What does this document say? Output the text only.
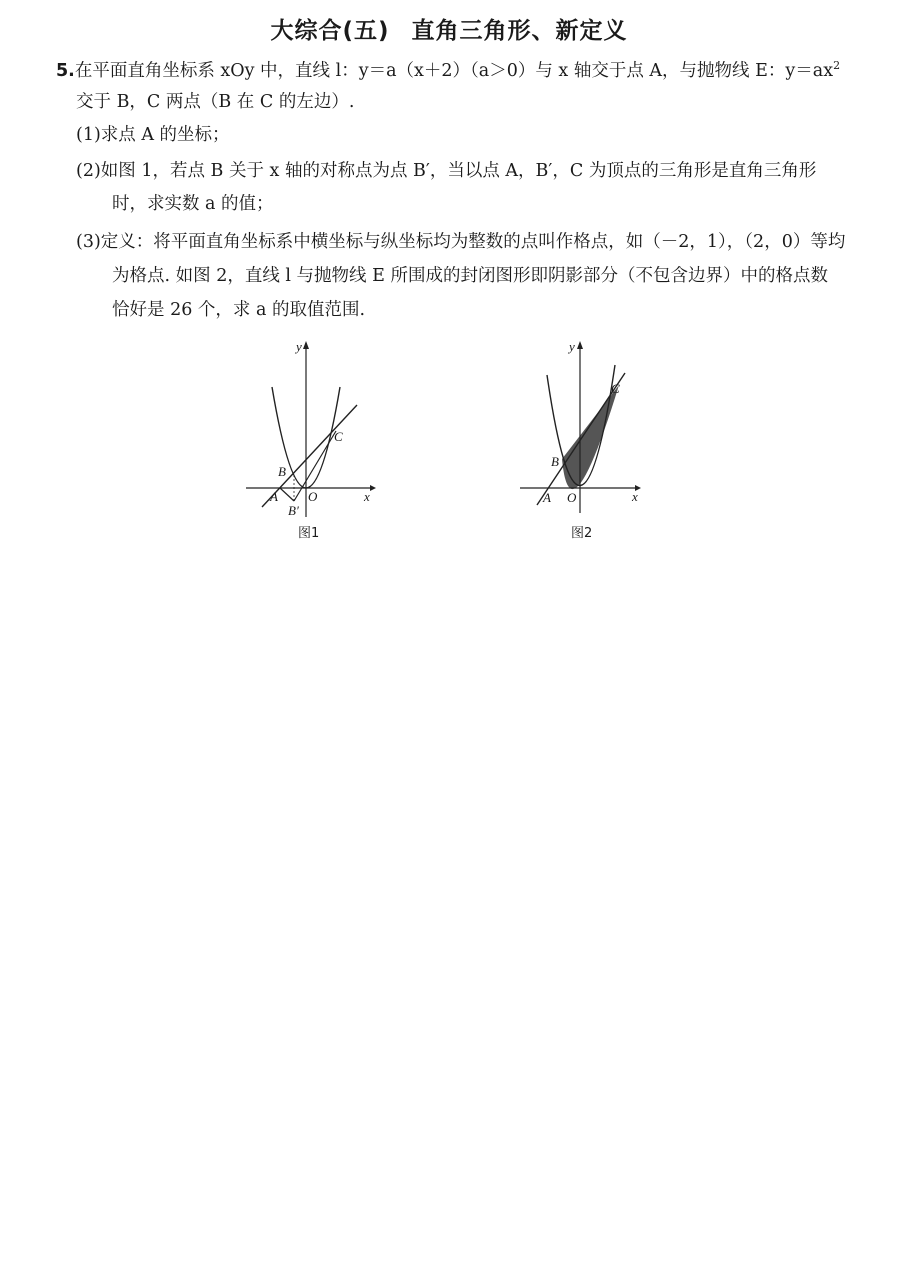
大综合(五) 直角三角形、新定义
5.在平面直角坐标系 xOy 中，直线 l：y＝a（x＋2）（a＞0）与 x 轴交于点 A，与抛物线 E：$y=ax^2$
交于 B，C 两点（B 在 C 的左边）.
(1)求点 A 的坐标；
(2)如图 1，若点 B 关于 x 轴的对称点为点 B′，当以点 A，B′，C 为顶点的三角形是直角三角形
时，求实数 a 的值；
(3)定义：将平面直角坐标系中横坐标与纵坐标均为整数的点叫作格点，如（－2，1），（2，0）等均
为格点. 如图 2，直线 l 与抛物线 E 所围成的封闭图形即阴影部分（不包含边界）中的格点数
恰好是 26 个，求 a 的取值范围.
y
x
O
A
B
B′
C
图1
y
x
O
A
B
C
图2
